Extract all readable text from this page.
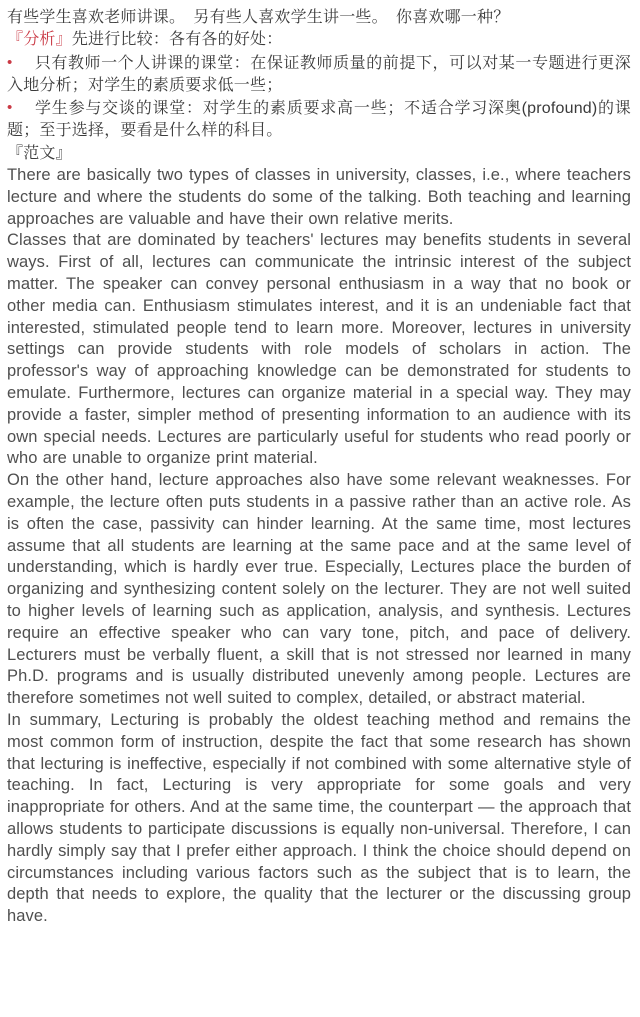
有些学生喜欢老师讲课。　另有些人喜欢学生讲一些。　你喜欢哪一种？

『分析』先进行比较：各有各的好处：

• 只有教师一个人讲课的课堂：在保证教师质量的前提下，可以对某一专题进行更深入地分析；对学生的素质要求低一些；

• 学生参与交谈的课堂：对学生的素质要求高一些；不适合学习深奥(profound)的课题；至于选择，要看是什么样的科目。

『范文』

There are basically two types of classes in university, classes, i.e., where teachers lecture and where the students do some of the talking. Both teaching and learning approaches are valuable and have their own relative merits.

Classes that are dominated by teachers' lectures may benefits students in several ways. First of all, lectures can communicate the intrinsic interest of the subject matter. The speaker can convey personal enthusiasm in a way that no book or other media can. Enthusiasm stimulates interest, and it is an undeniable fact that interested, stimulated people tend to learn more. Moreover, lectures in university settings can provide students with role models of scholars in action. The professor's way of approaching knowledge can be demonstrated for students to emulate. Furthermore, lectures can organize material in a special way. They may provide a faster, simpler method of presenting information to an audience with its own special needs. Lectures are particularly useful for students who read poorly or who are unable to organize print material.

On the other hand, lecture approaches also have some relevant weaknesses. For example, the lecture often puts students in a passive rather than an active role. As is often the case, passivity can hinder learning. At the same time, most lectures assume that all students are learning at the same pace and at the same level of understanding, which is hardly ever true. Especially, Lectures place the burden of organizing and synthesizing content solely on the lecturer. They are not well suited to higher levels of learning such as application, analysis, and synthesis. Lectures require an effective speaker who can vary tone, pitch, and pace of delivery. Lecturers must be verbally fluent, a skill that is not stressed nor learned in many Ph.D. programs and is usually distributed unevenly among people. Lectures are therefore sometimes not well suited to complex, detailed, or abstract material.

In summary, Lecturing is probably the oldest teaching method and remains the most common form of instruction, despite the fact that some research has shown that lecturing is ineffective, especially if not combined with some alternative style of teaching. In fact, Lecturing is very appropriate for some goals and very inappropriate for others. And at the same time, the counterpart — the approach that allows students to participate discussions is equally non-universal. Therefore, I can hardly simply say that I prefer either approach. I think the choice should depend on circumstances including various factors such as the subject that is to learn, the depth that needs to explore, the quality that the lecturer or the discussing group have.
